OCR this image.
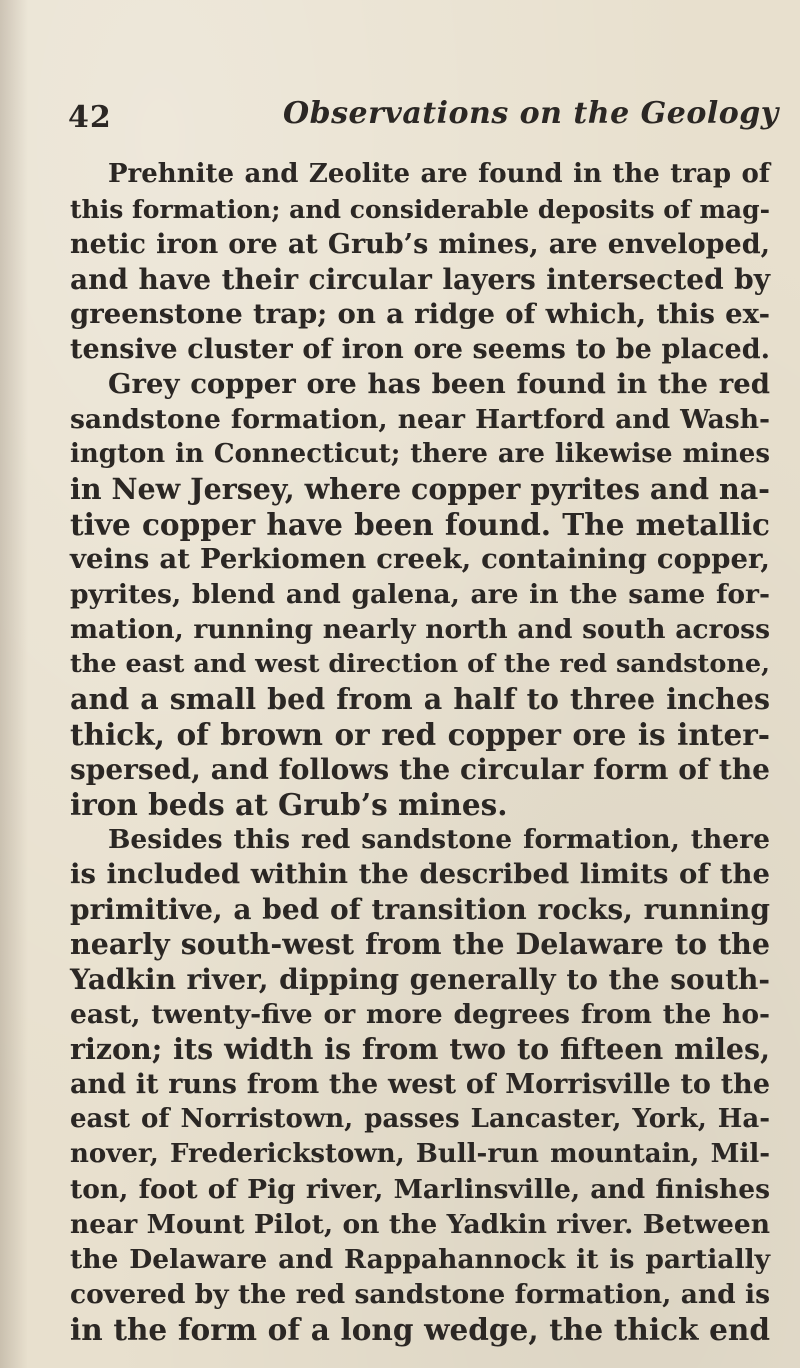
42	Observations on the Geology
Prehnite and Zeolite are found in the trap of
this formation; and considerable deposits of mag-
netic iron ore at Grub’s mines, are enveloped,
and have their circular layers intersected by
greenstone trap; on a ridge of which, this ex-
tensive cluster of iron ore seems to be placed.
Grey copper ore has been found in the red
sandstone formation, near Hartford and Wash-
ington in Connecticut; there are likewise mines
in New Jersey, where copper pyrites and na-
tive copper have been found. The metallic
veins at Perkiomen creek, containing copper,
pyrites, blend and galena, are in the same for-
mation, running nearly north and south across
the east and west direction of the red sandstone,
and a small bed from a half to three inches
thick, of brown or red copper ore is inter-
spersed, and follows the circular form of the
iron beds at Grub’s mines.
Besides this red sandstone formation, there
is included within the described limits of the
primitive, a bed of transition rocks, running
nearly south-west from the Delaware to the
Yadkin river, dipping generally to the south-
east, twenty-five or more degrees from the ho-
rizon; its width is from two to fifteen miles,
and it runs from the west of Morrisville to the
east of Norristown, passes Lancaster, York, Ha-
nover, Frederickstown, Bull-run mountain, Mil-
ton, foot of Pig river, Marlinsville, and finishes
near Mount Pilot, on the Yadkin river. Between
the Delaware and Rappahannock it is partially
covered by the red sandstone formation, and is
in the form of a long wedge, the thick end
